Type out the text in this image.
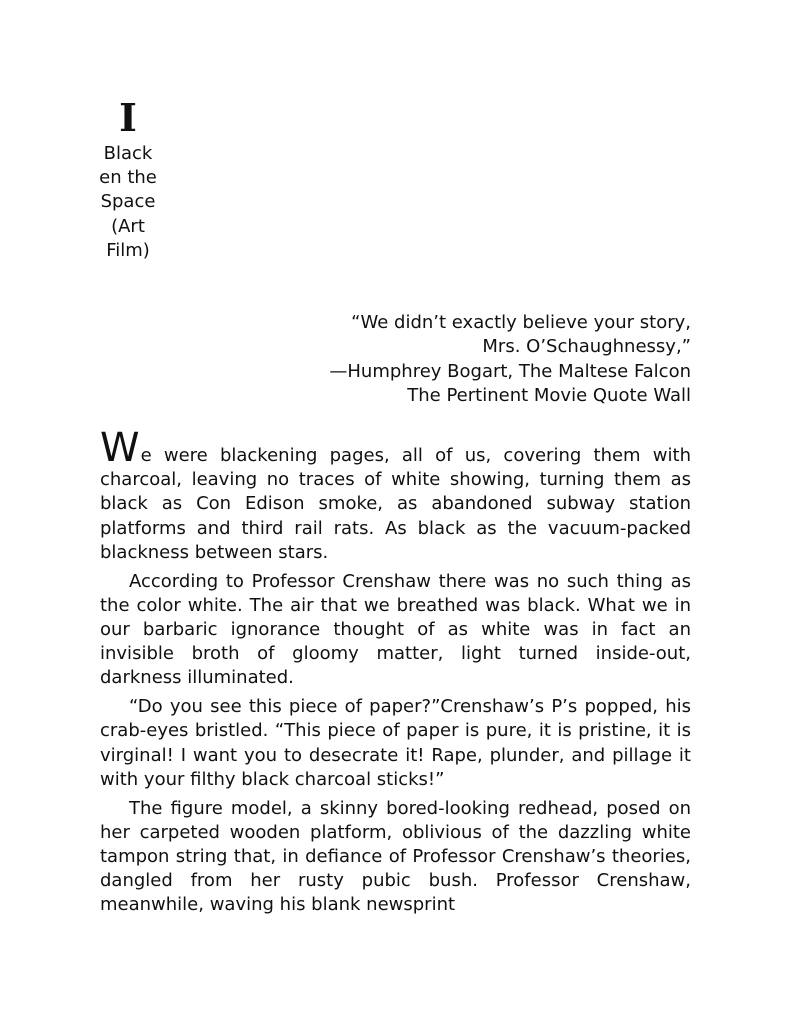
I
Black en the Space (Art Film)
“We didn’t exactly believe your story,
Mrs. O’Schaughnessy,”
—Humphrey Bogart, The Maltese Falcon
The Pertinent Movie Quote Wall

We were blackening pages, all of us, covering them with charcoal, leaving no traces of white showing, turning them as black as Con Edison smoke, as abandoned subway station platforms and third rail rats. As black as the vacuum-packed blackness between stars.

According to Professor Crenshaw there was no such thing as the color white. The air that we breathed was black. What we in our barbaric ignorance thought of as white was in fact an invisible broth of gloomy matter, light turned inside-out, darkness illuminated.

“Do you see this piece of paper?”Crenshaw’s P’s popped, his crab-eyes bristled. “This piece of paper is pure, it is pristine, it is virginal! I want you to desecrate it! Rape, plunder, and pillage it with your filthy black charcoal sticks!”

The figure model, a skinny bored-looking redhead, posed on her carpeted wooden platform, oblivious of the dazzling white tampon string that, in defiance of Professor Crenshaw’s theories, dangled from her rusty pubic bush. Professor Crenshaw, meanwhile, waving his blank newsprint
